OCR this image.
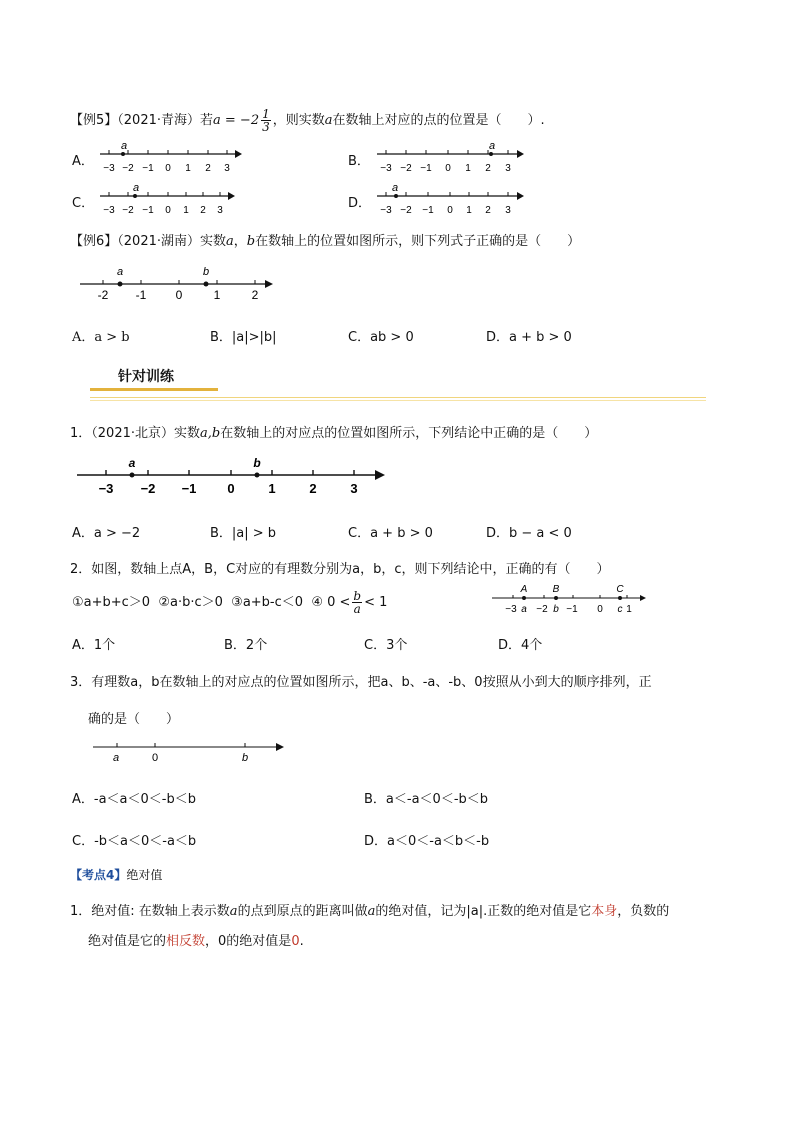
【例5】（2021·青海）若$a = -2 \frac{1}{3}$ ，则实数a在数轴上对应的点的位置是（　　）.
A．	B．
C．	D．
a
−3 −2 −1 0 1 2 3
a
−3 −2 −1 0 1 2 3
a
−3 −2 −1 0 1 2 3
a
−3 −2 −1 0 1 2 3
【例6】（2021·湖南）实数a，b在数轴上的位置如图所示，则下列式子正确的是（　　）
a	b
-2 -1 0	1	2
A．a > b	B．|a|>|b|	C．ab > 0	D．a + b > 0
针对训练
1．（2021·北京）实数a,b在数轴上的对应点的位置如图所示，下列结论中正确的是（　　）
a	b
−3 −2 −1 0	1	2	3
A．a > −2	B．|a| > b	C．a + b > 0	D．b − a < 0
2．如图，数轴上点A，B，C对应的有理数分别为a，b，c，则下列结论中，正确的有（　　）
①a+b+c＞0 ②a·b·c＞0 ③a+b-c＜0 ④ $0 < \frac{b}{a} < 1$
A	B	C
−3 a −2 b −1 0 c 1
A．1个	B．2个	C．3个	D．4个
3．有理数a，b在数轴上的对应点的位置如图所示，把a、b、-a、-b、0按照从小到大的顺序排列，正
确的是（　　）
a	0	b
A．-a＜a＜0＜-b＜b	B．a＜-a＜0＜-b＜b
C．-b＜a＜0＜-a＜b	D．a＜0＜-a＜b＜-b
【考点4】绝对值
1．绝对值: 在数轴上表示数a的点到原点的距离叫做a的绝对值，记为|a|.正数的绝对值是它本身，负数的
绝对值是它的相反数，0的绝对值是0.
